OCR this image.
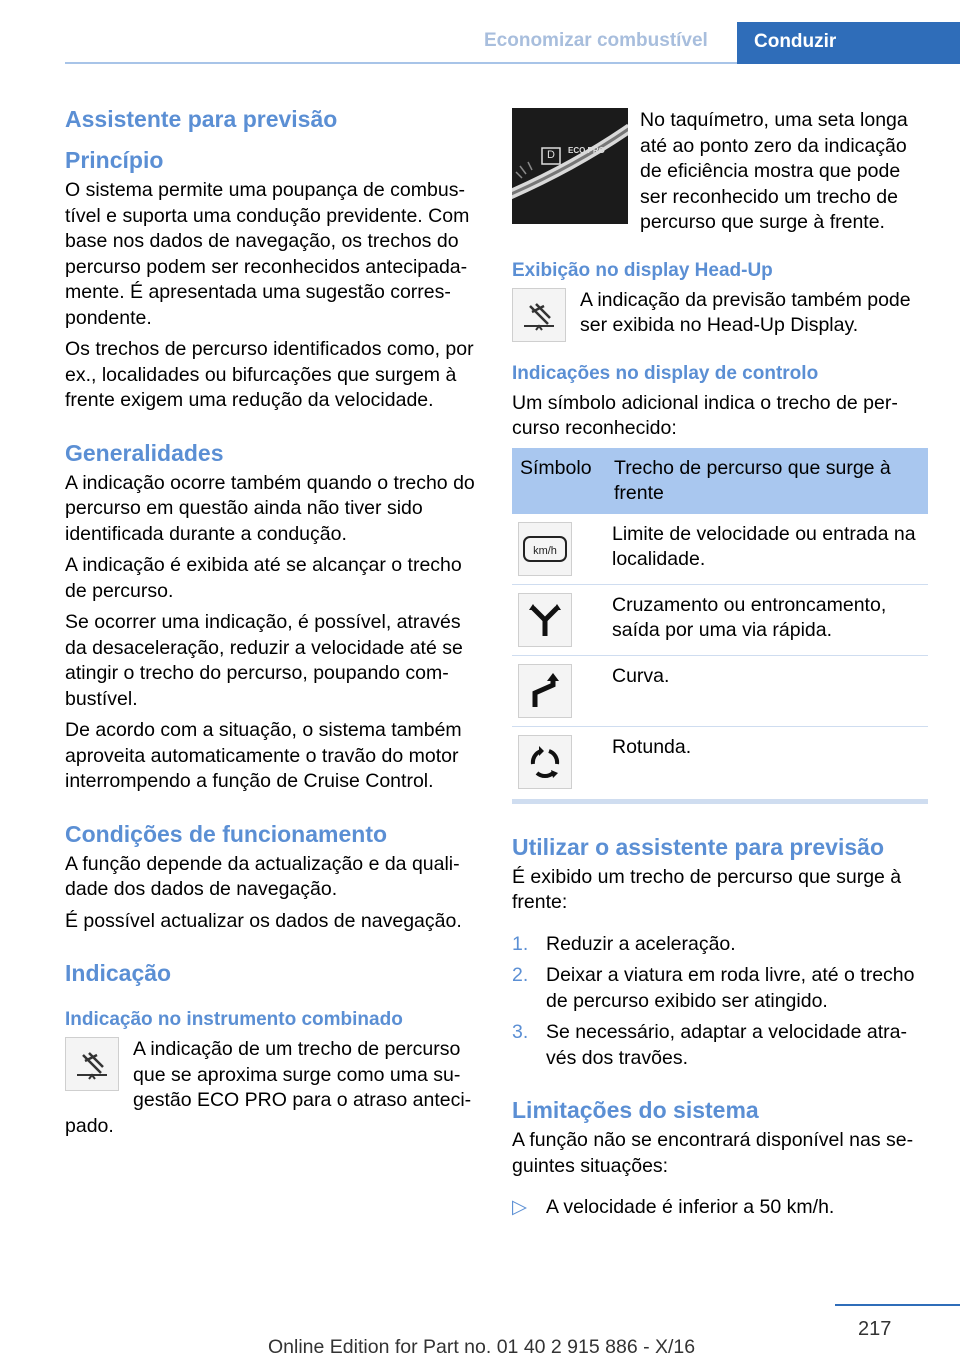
Economizar combustível Conduzir
Assistente para previsão
Princípio

O sistema permite uma poupança de combus-tível e suporta uma condução previdente. Com base nos dados de navegação, os trechos do percurso podem ser reconhecidos antecipada-mente. É apresentada uma sugestão corres-pondente.

Os trechos de percurso identificados como, por ex., localidades ou bifurcações que surgem à frente exigem uma redução da velocidade.

Generalidades

A indicação ocorre também quando o trecho do percurso em questão ainda não tiver sido identificada durante a condução.

A indicação é exibida até se alcançar o trecho de percurso.

Se ocorrer uma indicação, é possível, através da desaceleração, reduzir a velocidade até se atingir o trecho do percurso, poupando com-bustível.

De acordo com a situação, o sistema também aproveita automaticamente o travão do motor interrompendo a função de Cruise Control.

Condições de funcionamento

A função depende da actualização e da quali-dade dos dados de navegação.

É possível actualizar os dados de navegação.

Indicação
Indicação no instrumento combinado

A indicação de um trecho de percurso que se aproxima surge como uma su-gestão ECO PRO para o atraso anteci-pado.

D ECO PRO

No taquímetro, uma seta longa até ao ponto zero da indicação de eficiência mostra que pode ser reconhecido um trecho de percurso que surge à frente.

Exibição no display Head-Up

A indicação da previsão também pode ser exibida no Head-Up Display.

Indicações no display de controlo

Um símbolo adicional indica o trecho de per-curso reconhecido:

Símbolo	Trecho de percurso que surge à frente

km/h	Limite de velocidade ou entrada na localidade.

	Cruzamento ou entroncamento, saída por uma via rápida.

	Curva.

	Rotunda.
Utilizar o assistente para previsão

É exibido um trecho de percurso que surge à frente:

1. Reduzir a aceleração.
2. Deixar a viatura em roda livre, até o trecho de percurso exibido ser atingido.
3. Se necessário, adaptar a velocidade atra-vés dos travões.
Limitações do sistema

A função não se encontrará disponível nas se-guintes situações:

▷ A velocidade é inferior a 50 km/h.
217
Online Edition for Part no. 01 40 2 915 886 - X/16
